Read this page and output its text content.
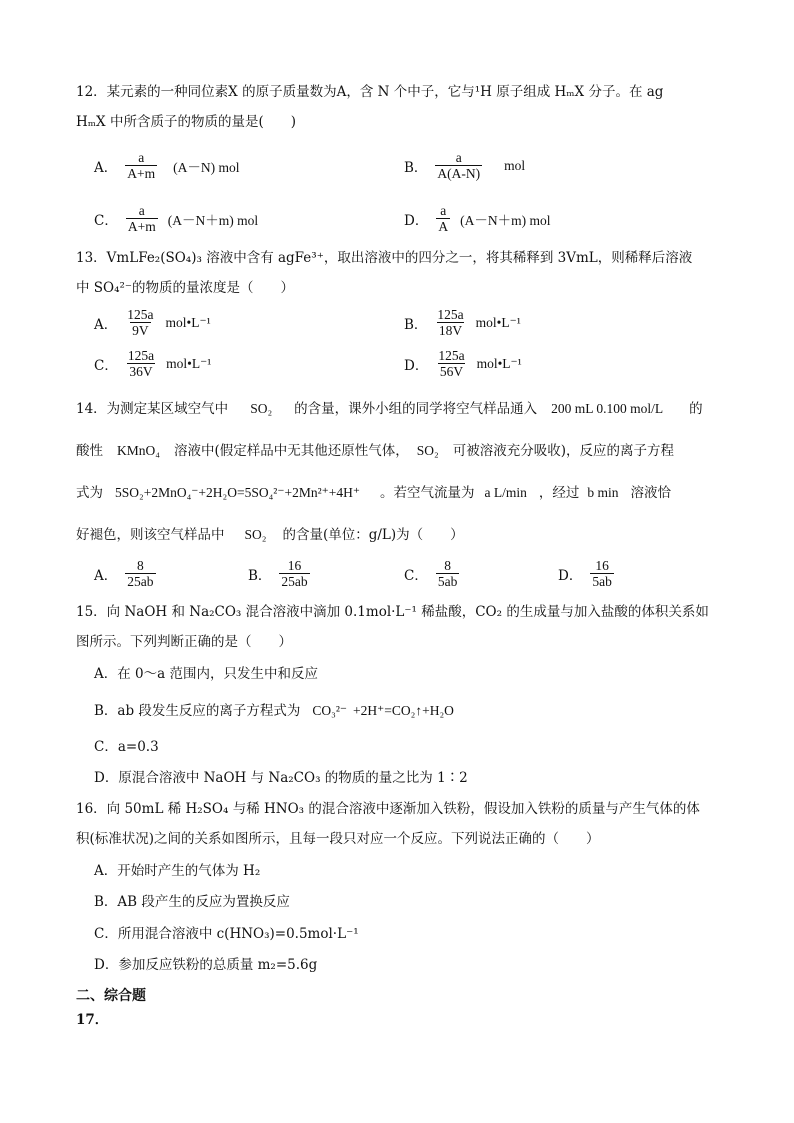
12．某元素的一种同位素X 的原子质量数为A，含 N 个中子，它与¹H 原子组成 HₘX 分子。在 ag
HₘX 中所含质子的物质的量是(　　)
A． $\frac{a}{A+m} (A-N)$ mol	B． $\frac{a}{A(A-N)}$ mol
C． $\frac{a}{A+m} (A-N+m)$ mol	D． $\frac{a}{A} (A-N+m)$ mol
13．VmLFe₂(SO₄)₃ 溶液中含有 agFe³⁺，取出溶液中的四分之一，将其稀释到 3VmL，则稀释后溶液
中 SO₄²⁻的物质的量浓度是（　　）
A． $\frac{125a}{9V}$ mol•L⁻¹	B． $\frac{125a}{18V}$ mol•L⁻¹
C． $\frac{125a}{36V}$ mol•L⁻¹	D． $\frac{125a}{56V}$ mol•L⁻¹
14．为测定某区域空气中 SO₂ 的含量，课外小组的同学将空气样品通入 200 mL 0.100 mol/L 的
酸性 KMnO₄ 溶液中(假定样品中无其他还原性气体， SO₂ 可被溶液充分吸收)，反应的离子方程
式为 5SO₂+2MnO₄⁻+2H₂O=5SO₄²⁻+2Mn²⁺+4H⁺ 。若空气流量为 a L/min ，经过 b min 溶液恰
好褪色，则该空气样品中 SO₂ 的含量(单位：g/L)为（　　）
A． $\frac{8}{25ab}$	B． $\frac{16}{25ab}$	C． $\frac{8}{5ab}$	D． $\frac{16}{5ab}$
15．向 NaOH 和 Na₂CO₃ 混合溶液中滴加 0.1mol·L⁻¹ 稀盐酸，CO₂ 的生成量与加入盐酸的体积关系如
图所示。下列判断正确的是（　　）
A．在 0～a 范围内，只发生中和反应
B．ab 段发生反应的离子方程式为 CO₃²⁻ +2H⁺=CO₂↑+H₂O
C．a=0.3
D．原混合溶液中 NaOH 与 Na₂CO₃ 的物质的量之比为 1∶2
16．向 50mL 稀 H₂SO₄ 与稀 HNO₃ 的混合溶液中逐渐加入铁粉，假设加入铁粉的质量与产生气体的体
积(标准状况)之间的关系如图所示，且每一段只对应一个反应。下列说法正确的（　　）
A．开始时产生的气体为 H₂
B．AB 段产生的反应为置换反应
C．所用混合溶液中 c(HNO₃)=0.5mol·L⁻¹
D．参加反应铁粉的总质量 m₂=5.6g
二、综合题
17．
